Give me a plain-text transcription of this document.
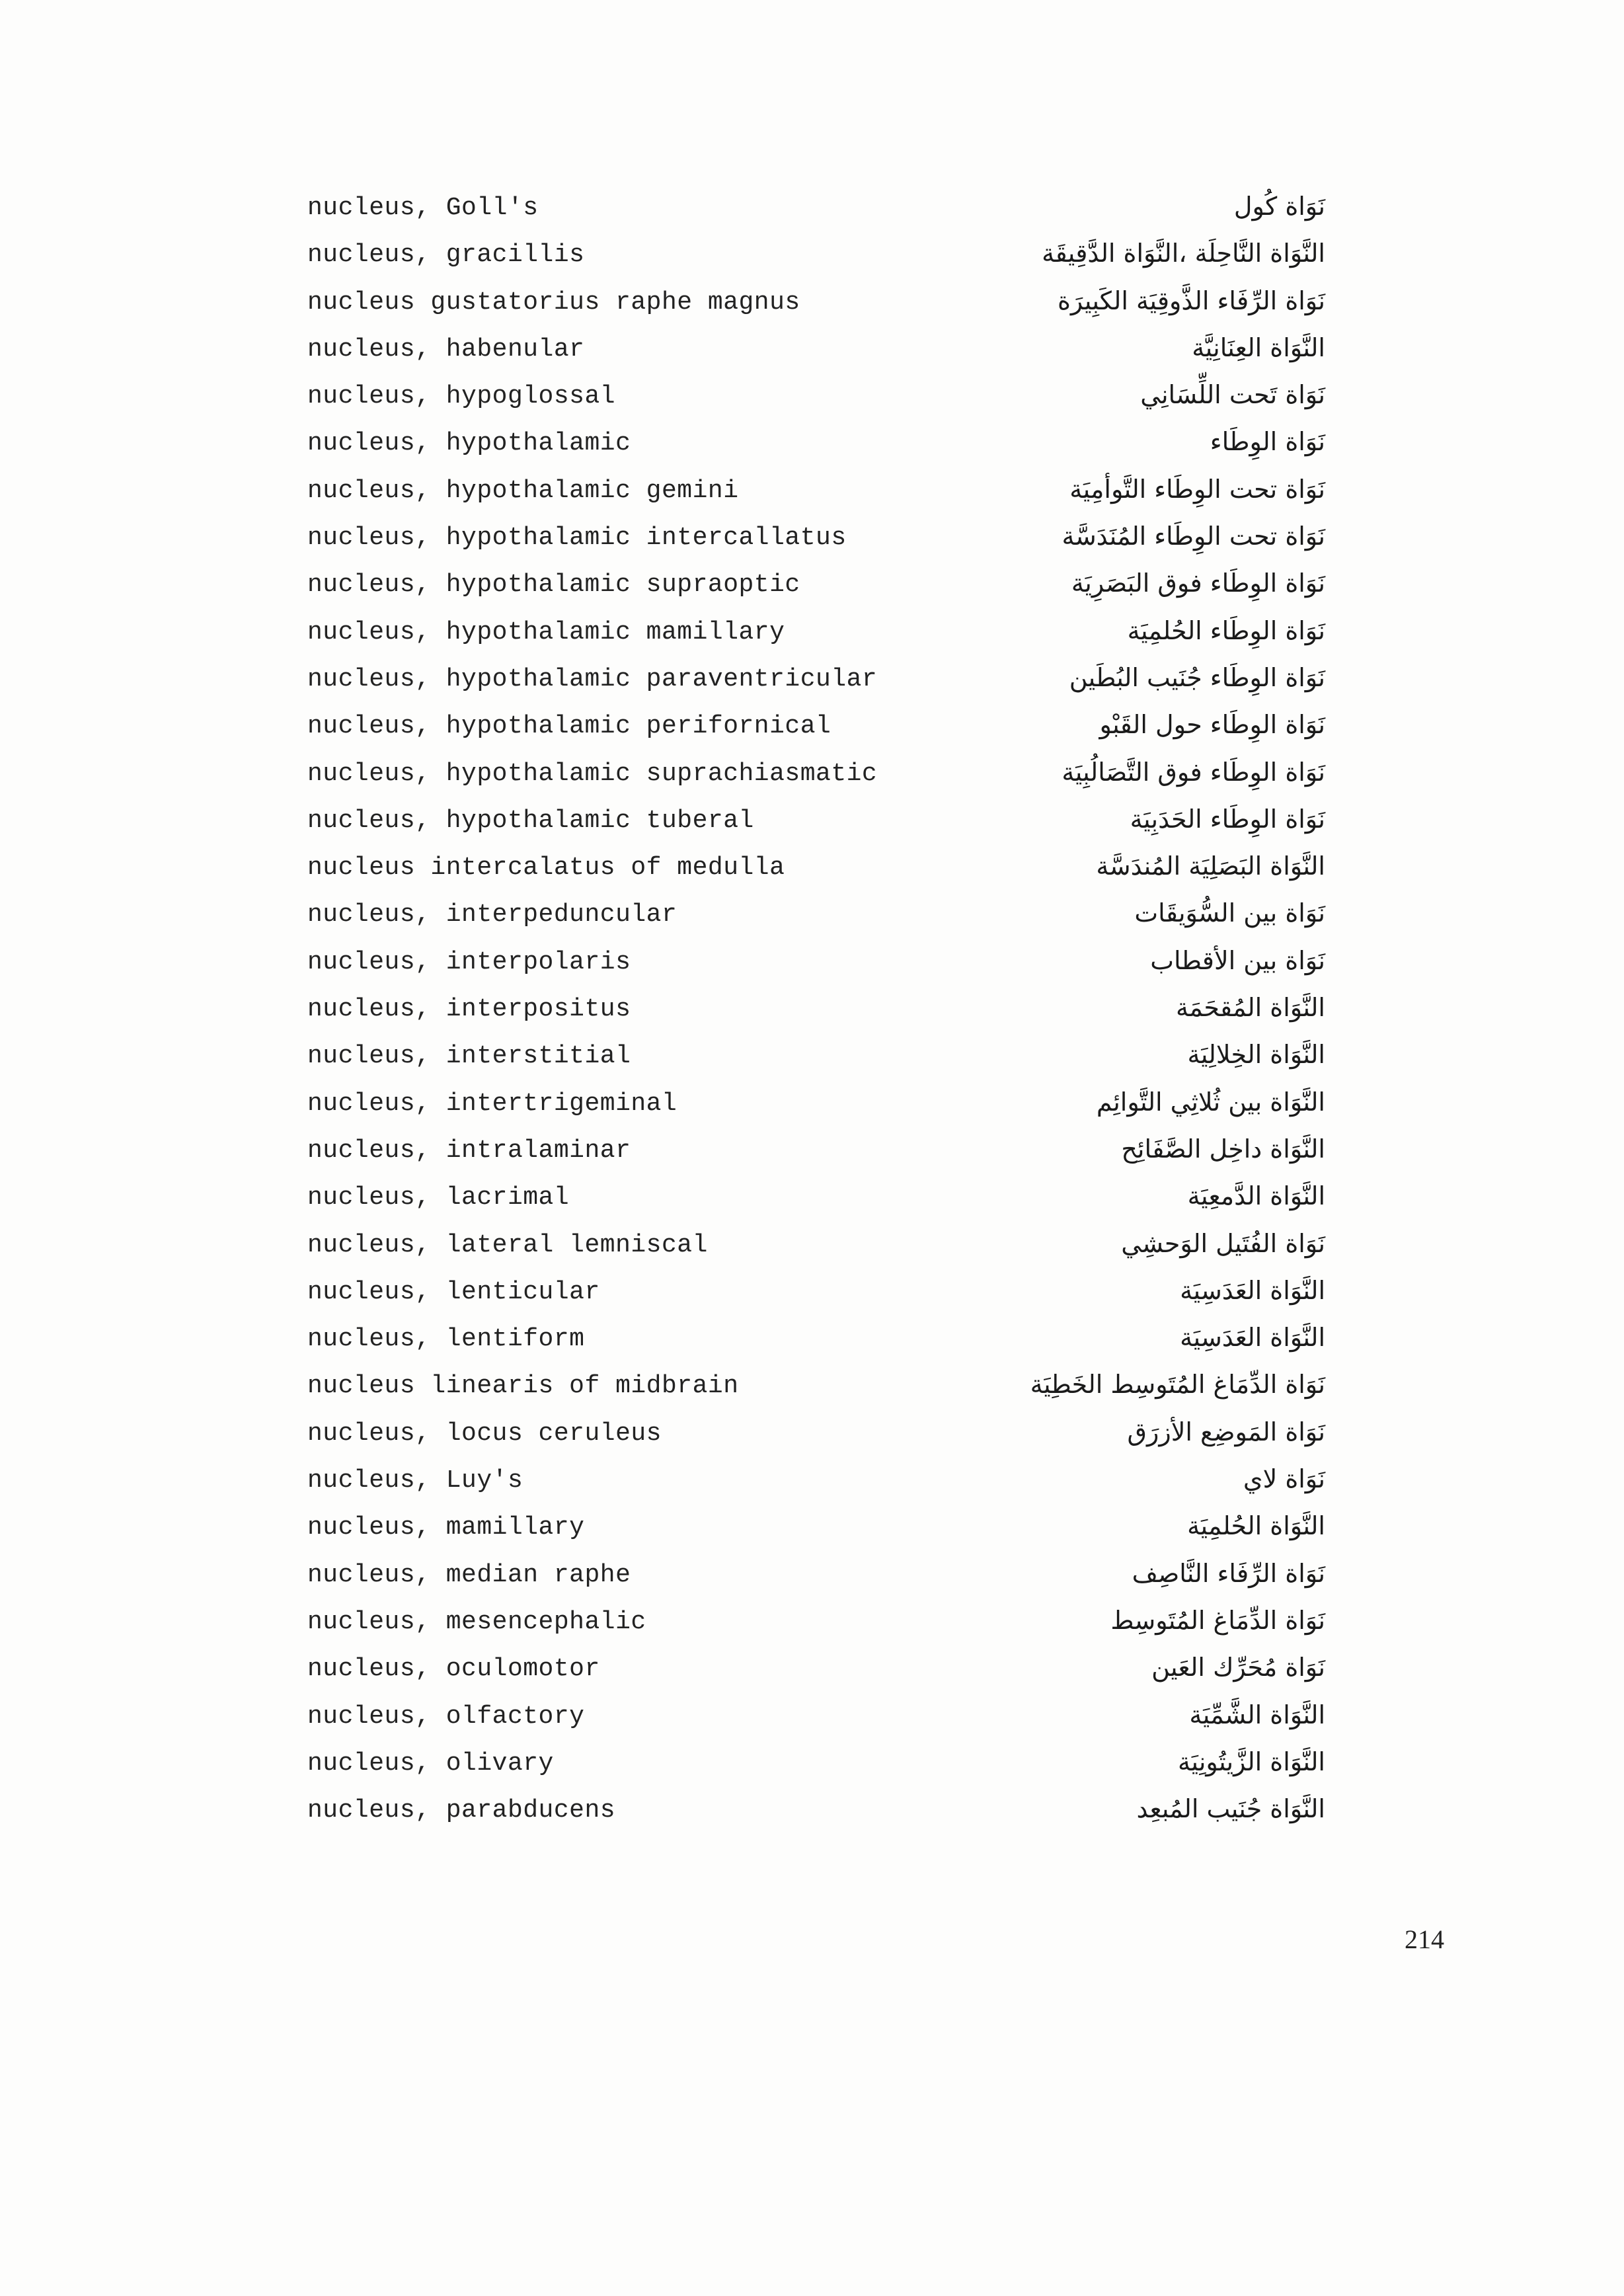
nucleus, Goll's	نَوَاة كُول
nucleus, gracillis	النَّوَاة النَّاحِلَة ،النَّوَاة الدَّقِيقَة
nucleus gustatorius raphe magnus	نَوَاة الرِّفَاء الذَّوقِيَة الكَبِيرَة
nucleus, habenular	النَّوَاة العِنَانِيَّة
nucleus, hypoglossal	نَوَاة تَحت اللِّسَانِي
nucleus, hypothalamic	نَوَاة الوِطَاء
nucleus, hypothalamic gemini	نَوَاة تحت الوِطَاء التَّوأمِيَة
nucleus, hypothalamic intercallatus	نَوَاة تحت الوِطَاء المُنَدَسَّة
nucleus, hypothalamic supraoptic	نَوَاة الوِطَاء فوق البَصَرِيَة
nucleus, hypothalamic mamillary	نَوَاة الوِطَاء الحُلمِيَة
nucleus, hypothalamic paraventricular	نَوَاة الوِطَاء جُنَيب البُطَين
nucleus, hypothalamic perifornical	نَوَاة الوِطَاء حول القَبْو
nucleus, hypothalamic suprachiasmatic	نَوَاة الوِطَاء فوق التَّصَالُبِيَة
nucleus, hypothalamic tuberal	نَوَاة الوِطَاء الحَدَبِيَة
nucleus intercalatus of medulla	النَّوَاة البَصَلِيَة المُندَسَّة
nucleus, interpeduncular	نَوَاة بين السُّوَيقَات
nucleus, interpolaris	نَوَاة بين الأقطاب
nucleus, interpositus	النَّوَاة المُقحَمَة
nucleus, interstitial	النَّوَاة الخِلالِيَة
nucleus, intertrigeminal	النَّوَاة بين ثُلاثِي التَّوائِم
nucleus, intralaminar	النَّوَاة داخِل الصَّفَائِح
nucleus, lacrimal	النَّوَاة الدَّمعِيَة
nucleus, lateral lemniscal	نَوَاة الفُتَيل الوَحشِي
nucleus, lenticular	النَّوَاة العَدَسِيَة
nucleus, lentiform	النَّوَاة العَدَسِيَة
nucleus linearis of midbrain	نَوَاة الدِّمَاغ المُتَوسِط الخَطِيَة
nucleus, locus ceruleus	نَوَاة المَوضِع الأزرَق
nucleus, Luy's	نَوَاة لاي
nucleus, mamillary	النَّوَاة الحُلمِيَة
nucleus, median raphe	نَوَاة الرِّفَاء النَّاصِف
nucleus, mesencephalic	نَوَاة الدِّمَاغ المُتَوسِط
nucleus, oculomotor	نَوَاة مُحَرِّك العَين
nucleus, olfactory	النَّوَاة الشَّمِّيَة
nucleus, olivary	النَّوَاة الزَّيتُونِيَة
nucleus, parabducens	النَّوَاة جُنَيب المُبعِد
214
